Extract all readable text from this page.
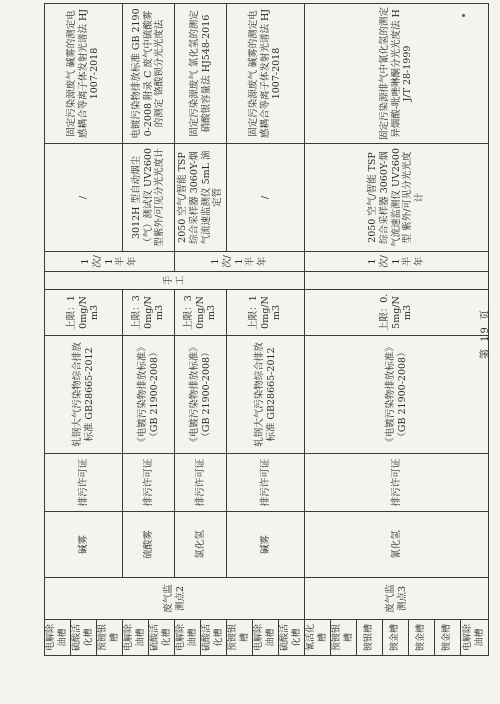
电解除油槽	废气监测点2	碱雾	排污许可证	轧钢大气污染物综合排放标准 GB28665-2012	上限：10mg/Nm3	手工	1次/1半年	/	固定污染源废气 碱雾的测定电感耦合等离子体发射光谱法 HJ 1007-2018
硫酸活化槽									
预镀银槽									
电解除油槽		硫酸雾	排污许可证	《电镀污染物排放标准》（GB 21900-2008）	上限：30mg/Nm3			3012H 型自动烟尘（气）测试仪 UV2600 型紫外/可见分光光度计	电镀污染物排放标准 GB 21900-2008 附录 C 废气中硫酸雾的测定 铬酸钡分光光度法
硫酸活化槽									
电解除油槽		氯化氢	排污许可证	《电镀污染物排放标准》（GB 21900-2008）	上限：30mg/Nm3		1次/1半年	2050 空气/智能 TSP 综合采样器 3060Y-烟气流速监测仪 5mL 滴定管	固定污染源废气 氯化氢的测定 硝酸银容量法 HJ548-2016
硫酸活化槽									
预镀银槽		碱雾	排污许可证	轧钢大气污染物综合排放标准 GB28665-2012	上限：10mg/Nm3			/	固定污染源废气 碱雾的测定电感耦合等离子体发射光谱法 HJ 1007-2018
电解除油槽									
硫酸活化槽									
氰活化槽	废气监测点3	氰化氢	排污许可证	《电镀污染物排放标准》（GB 21900-2008）	上限：0.5mg/Nm3		1次/1半年	2050 空气/智能 TSP 综合采样器 3060Y-烟气流速监测仪 UV2600 型 紫外/可见分光光度计	固定污染源排气中氰化氢的测定 异烟酸-吡唑啉酮分光光度法 HJ/T 28-1999
预镀银槽									
镀银槽									
镀金槽									
镀金槽									
镀金槽									
电解除油槽									
第 19 页
